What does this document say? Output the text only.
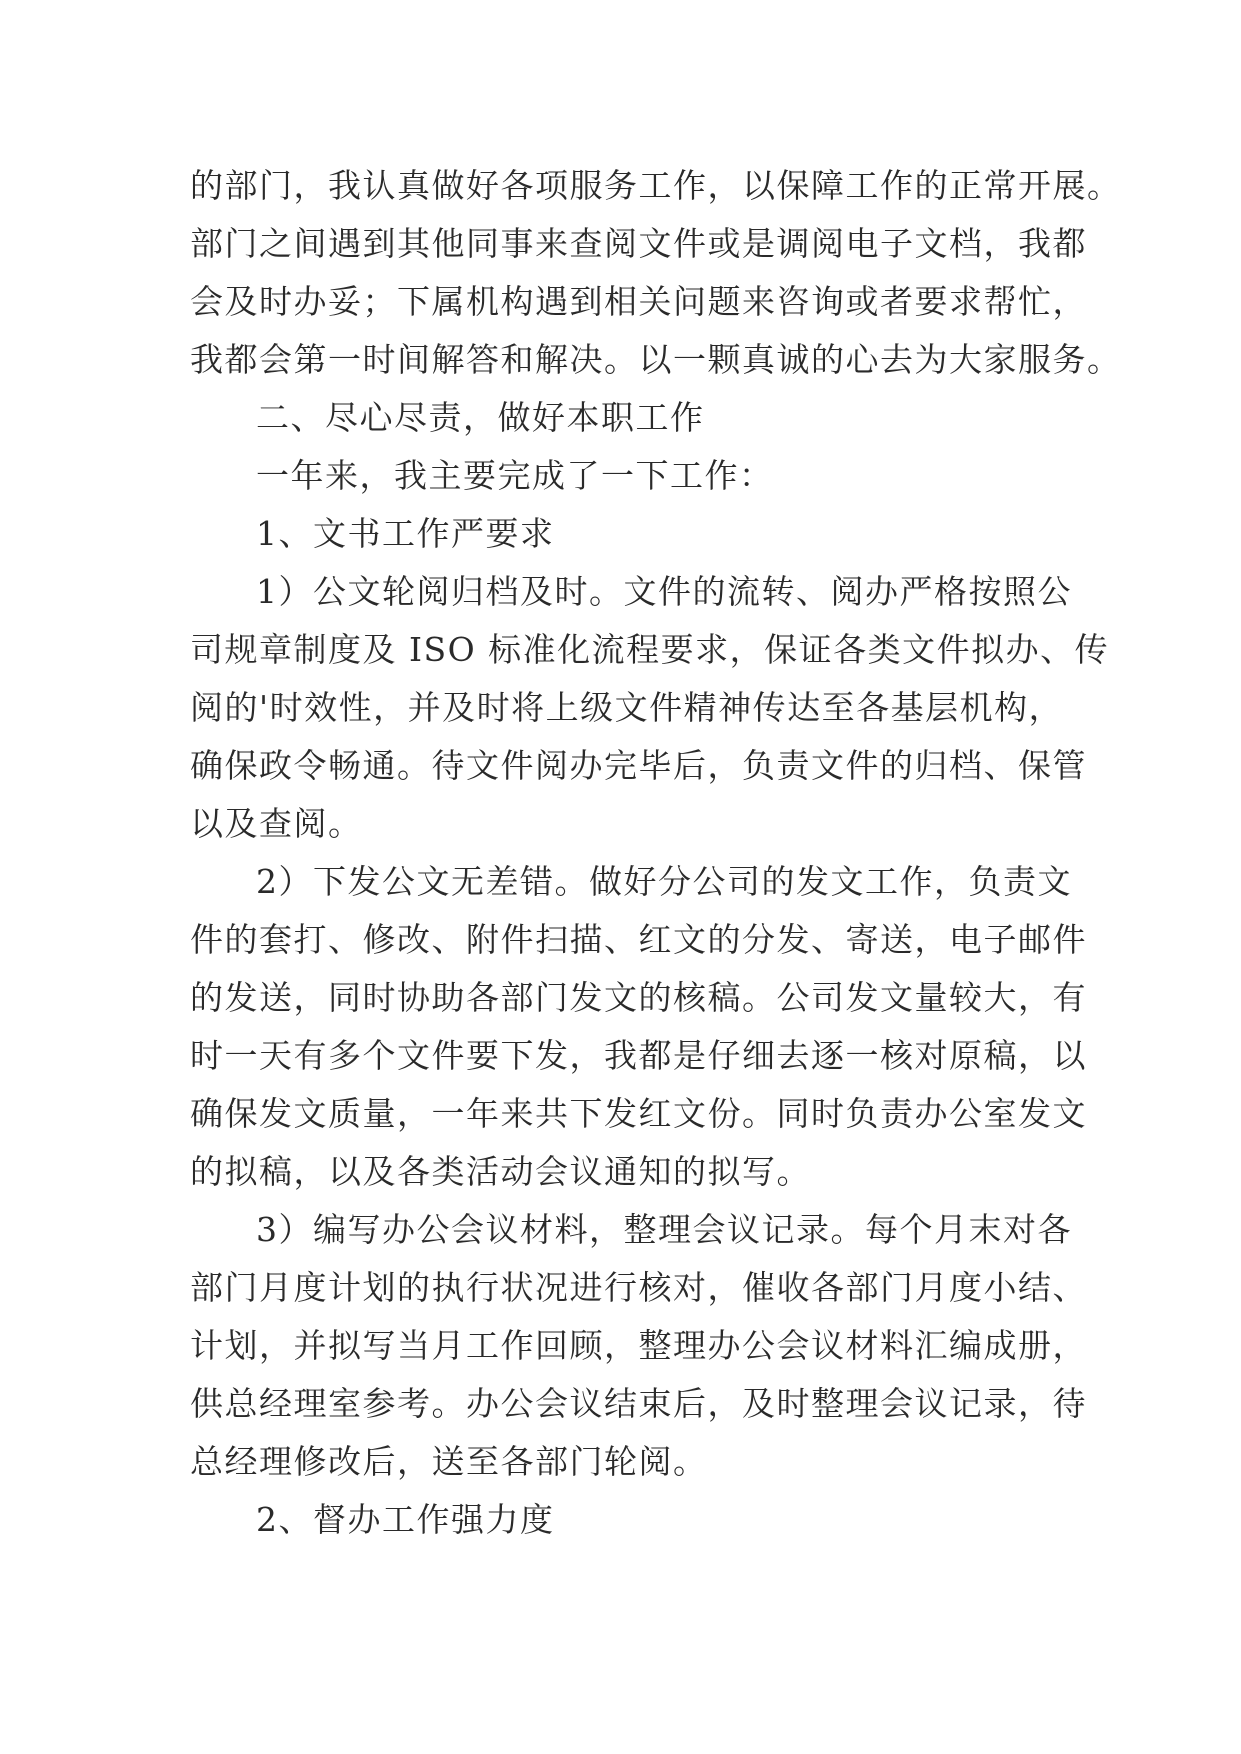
的部门，我认真做好各项服务工作，以保障工作的正常开展。
部门之间遇到其他同事来查阅文件或是调阅电子文档，我都
会及时办妥；下属机构遇到相关问题来咨询或者要求帮忙，
我都会第一时间解答和解决。以一颗真诚的心去为大家服务。
二、尽心尽责，做好本职工作
一年来，我主要完成了一下工作：
1、文书工作严要求
1）公文轮阅归档及时。文件的流转、阅办严格按照公
司规章制度及 ISO 标准化流程要求，保证各类文件拟办、传
阅的'时效性，并及时将上级文件精神传达至各基层机构，
确保政令畅通。待文件阅办完毕后，负责文件的归档、保管
以及查阅。
2）下发公文无差错。做好分公司的发文工作，负责文
件的套打、修改、附件扫描、红文的分发、寄送，电子邮件
的发送，同时协助各部门发文的核稿。公司发文量较大，有
时一天有多个文件要下发，我都是仔细去逐一核对原稿，以
确保发文质量，一年来共下发红文份。同时负责办公室发文
的拟稿，以及各类活动会议通知的拟写。
3）编写办公会议材料，整理会议记录。每个月末对各
部门月度计划的执行状况进行核对，催收各部门月度小结、
计划，并拟写当月工作回顾，整理办公会议材料汇编成册，
供总经理室参考。办公会议结束后，及时整理会议记录，待
总经理修改后，送至各部门轮阅。
2、督办工作强力度
